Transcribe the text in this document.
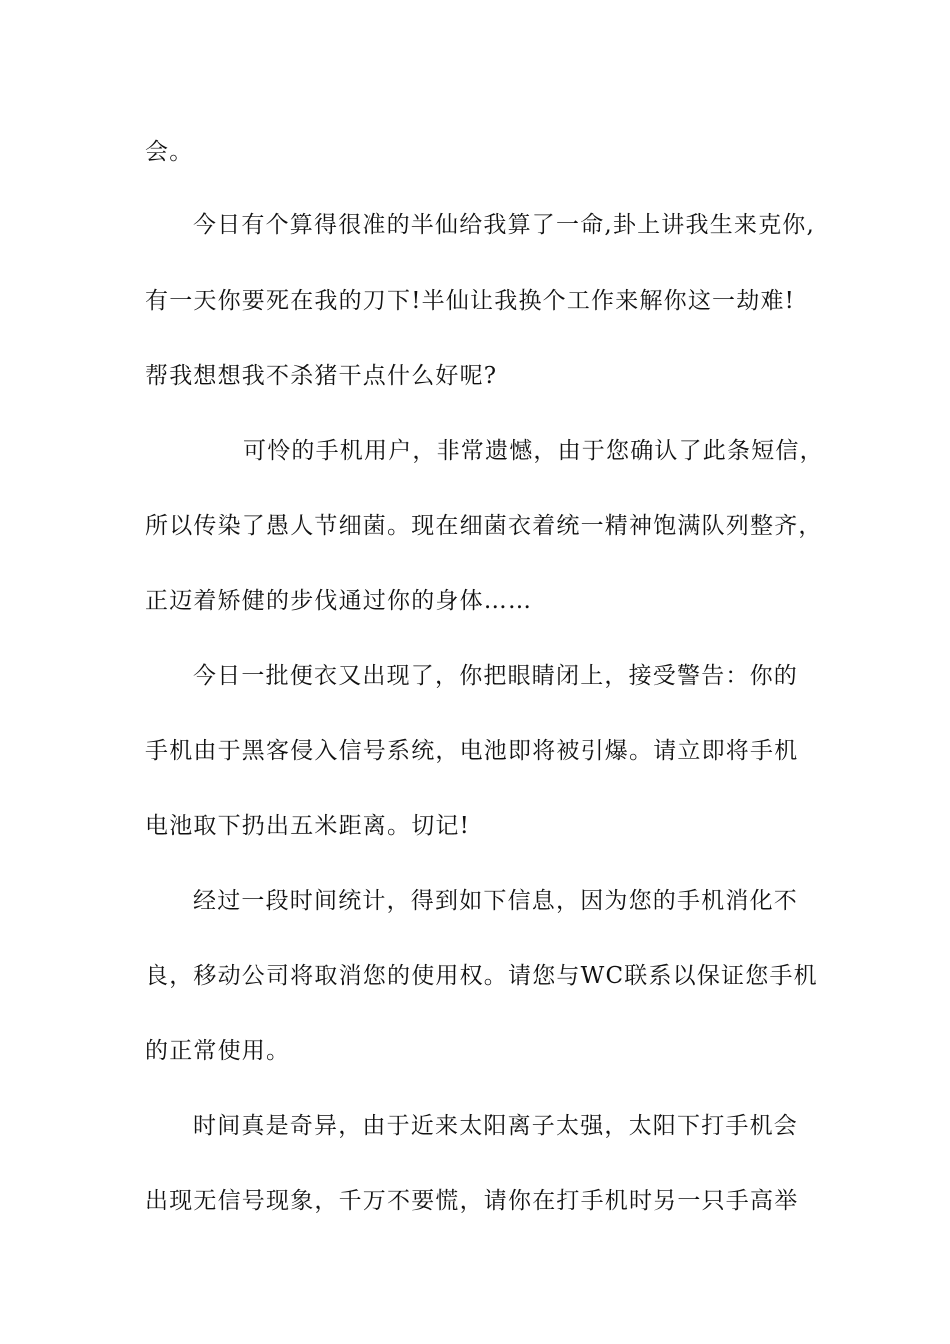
会。
今日有个算得很准的半仙给我算了一命,卦上讲我生来克你,
有一天你要死在我的刀下!半仙让我换个工作来解你这一劫难!
帮我想想我不杀猪干点什么好呢?
可怜的手机用户，非常遗憾，由于您确认了此条短信，
所以传染了愚人节细菌。现在细菌衣着统一精神饱满队列整齐，
正迈着矫健的步伐通过你的身体……
今日一批便衣又出现了，你把眼睛闭上，接受警告：你的
手机由于黑客侵入信号系统，电池即将被引爆。请立即将手机
电池取下扔出五米距离。切记!
经过一段时间统计，得到如下信息，因为您的手机消化不
良，移动公司将取消您的使用权。请您与WC联系以保证您手机
的正常使用。
时间真是奇异，由于近来太阳离子太强，太阳下打手机会
出现无信号现象，千万不要慌，请你在打手机时另一只手高举
